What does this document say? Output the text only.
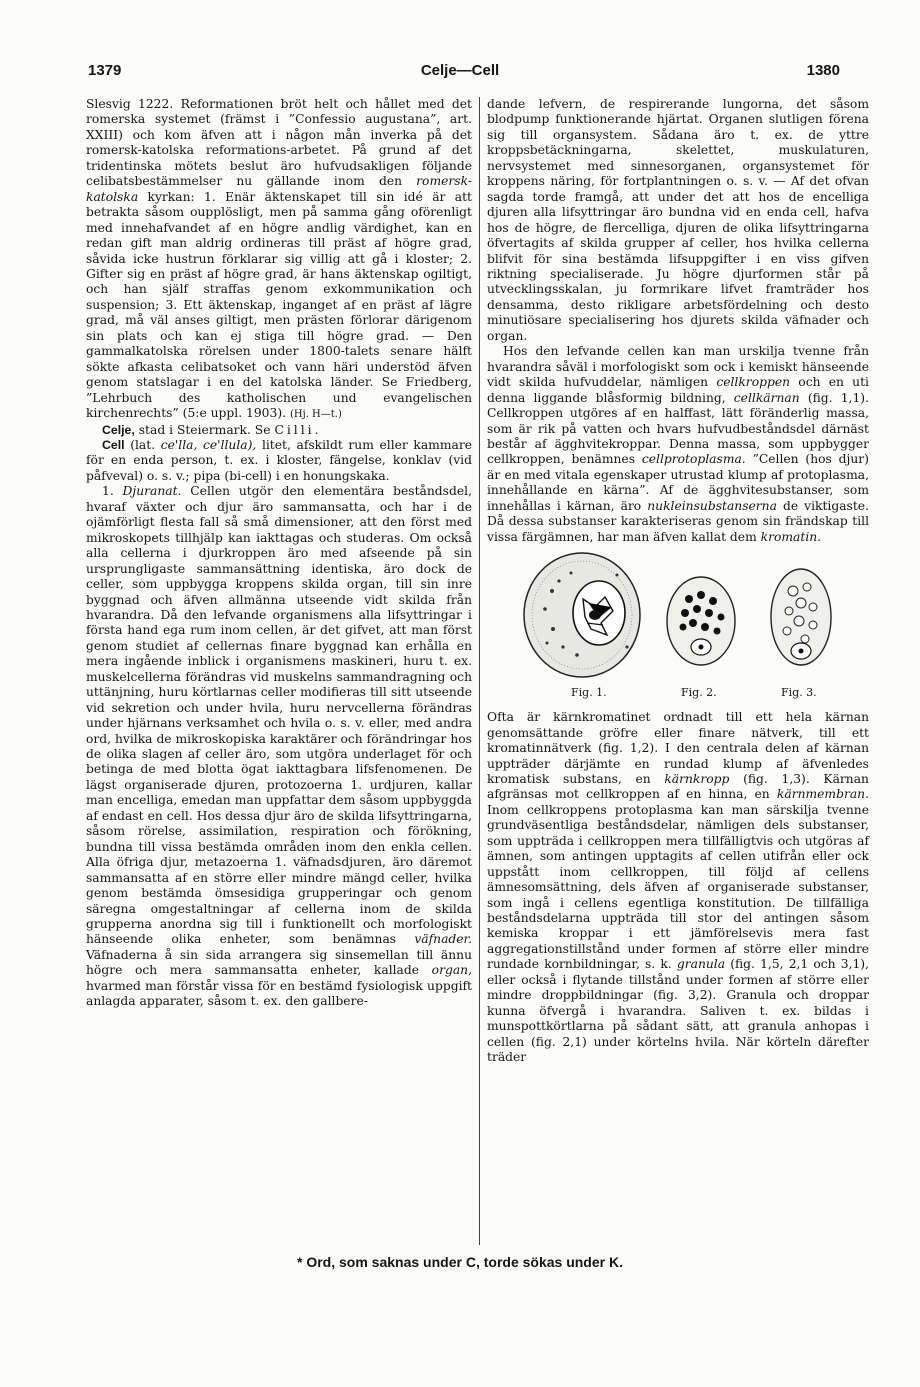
1379	Celje—Cell	1380

Slesvig 1222. Reformationen bröt helt och hållet med det romerska systemet (främst i ”Confessio augustana”, art. XXIII) och kom äfven att i någon mån inverka på det romersk-katolska reformations-arbetet. På grund af det tridentinska mötets beslut äro hufvudsakligen följande celibatsbestämmelser nu gällande inom den romersk-katolska kyrkan: 1. Enär äktenskapet till sin idé är att betrakta såsom oupplösligt, men på samma gång oförenligt med innehafvandet af en högre andlig värdighet, kan en redan gift man aldrig ordineras till präst af högre grad, såvida icke hustrun förklarar sig villig att gå i kloster; 2. Gifter sig en präst af högre grad, är hans äktenskap ogiltigt, och han själf straffas genom exkommunikation och suspension; 3. Ett äktenskap, inganget af en präst af lägre grad, må väl anses giltigt, men prästen förlorar därigenom sin plats och kan ej stiga till högre grad. — Den gammalkatolska rörelsen under 1800-talets senare hälft sökte afkasta celibatsoket och vann häri understöd äfven genom statslagar i en del katolska länder. Se Friedberg, ”Lehrbuch des katholischen und evangelischen kirchenrechts” (5:e uppl. 1903). (Hj. H—t.)

Celje, stad i Steiermark. Se Cilli.

Cell (lat. ce'lla, ce'llula), litet, afskildt rum eller kammare för en enda person, t. ex. i kloster, fängelse, konklav (vid påfveval) o. s. v.; pipa (bi-cell) i en honungskaka.

1. Djuranat. Cellen utgör den elementära beståndsdel, hvaraf växter och djur äro sammansatta, och har i de ojämförligt flesta fall så små dimensioner, att den först med mikroskopets tillhjälp kan iakttagas och studeras. Om också alla cellerna i djurkroppen äro med afseende på sin ursprungligaste sammansättning identiska, äro dock de celler, som uppbygga kroppens skilda organ, till sin inre byggnad och äfven allmänna utseende vidt skilda från hvarandra. Då den lefvande organismens alla lifsyttringar i första hand ega rum inom cellen, är det gifvet, att man först genom studiet af cellernas finare byggnad kan erhålla en mera ingående inblick i organismens maskineri, huru t. ex. muskelcellerna förändras vid muskelns sammandragning och uttänjning, huru körtlarnas celler modifieras till sitt utseende vid sekretion och under hvila, huru nervcellerna förändras under hjärnans verksamhet och hvila o. s. v. eller, med andra ord, hvilka de mikroskopiska karaktärer och förändringar hos de olika slagen af celler äro, som utgöra underlaget för och betinga de med blotta ögat iakttagbara lifsfenomenen. De lägst organiserade djuren, protozoerna 1. urdjuren, kallar man encelliga, emedan man uppfattar dem såsom uppbyggda af endast en cell. Hos dessa djur äro de skilda lifsyttringarna, såsom rörelse, assimilation, respiration och förökning, bundna till vissa bestämda områden inom den enkla cellen. Alla öfriga djur, metazoerna 1. väfnadsdjuren, äro däremot sammansatta af en större eller mindre mängd celler, hvilka genom bestämda ömsesidiga grupperingar och genom säregna omgestaltningar af cellerna inom de skilda grupperna anordna sig till i funktionellt och morfologiskt hänseende olika enheter, som benämnas väfnader. Väfnaderna å sin sida arrangera sig sinsemellan till ännu högre och mera sammansatta enheter, kallade organ, hvarmed man förstår vissa för en bestämd fysiologisk uppgift anlagda apparater, såsom t. ex. den gallbere-

dande lefvern, de respirerande lungorna, det såsom blodpump funktionerande hjärtat. Organen slutligen förena sig till organsystem. Sådana äro t. ex. de yttre kroppsbetäckningarna, skelettet, muskulaturen, nervsystemet med sinnesorganen, organsystemet för kroppens näring, för fortplantningen o. s. v. — Af det ofvan sagda torde framgå, att under det att hos de encelliga djuren alla lifsyttringar äro bundna vid en enda cell, hafva hos de högre, de flercelliga, djuren de olika lifsyttringarna öfvertagits af skilda grupper af celler, hos hvilka cellerna blifvit för sina bestämda lifsuppgifter i en viss gifven riktning specialiserade. Ju högre djurformen står på utvecklingsskalan, ju formrikare lifvet framträder hos densamma, desto rikligare arbetsfördelning och desto minutiösare specialisering hos djurets skilda väfnader och organ.

Hos den lefvande cellen kan man urskilja tvenne från hvarandra såväl i morfologiskt som ock i kemiskt hänseende vidt skilda hufvuddelar, nämligen cellkroppen och en uti denna liggande blåsformig bildning, cellkärnan (fig. 1,1). Cellkroppen utgöres af en halffast, lätt föränderlig massa, som är rik på vatten och hvars hufvudbeståndsdel därnäst består af ägghvitekroppar. Denna massa, som uppbygger cellkroppen, benämnes cellprotoplasma. ”Cellen (hos djur) är en med vitala egenskaper utrustad klump af protoplasma, innehållande en kärna”. Af de ägghvitesubstanser, som innehållas i kärnan, äro nukleinsubstanserna de viktigaste. Då dessa substanser karakteriseras genom sin frändskap till vissa färgämnen, har man äfven kallat dem kromatin.

Fig. 1.	Fig. 2.	Fig. 3.

Ofta är kärnkromatinet ordnadt till ett hela kärnan genomsättande gröfre eller finare nätverk, till ett kromatinnätverk (fig. 1,2). I den centrala delen af kärnan uppträder därjämte en rundad klump af äfvenledes kromatisk substans, en kärnkropp (fig. 1,3). Kärnan afgränsas mot cellkroppen af en hinna, en kärnmembran. Inom cellkroppens protoplasma kan man särskilja tvenne grundväsentliga beståndsdelar, nämligen dels substanser, som uppträda i cellkroppen mera tillfälligtvis och utgöras af ämnen, som antingen upptagits af cellen utifrån eller ock uppstått inom cellkroppen, till följd af cellens ämnesomsättning, dels äfven af organiserade substanser, som ingå i cellens egentliga konstitution. De tillfälliga beståndsdelarna uppträda till stor del antingen såsom kemiska kroppar i ett jämförelsevis mera fast aggregationstillstånd under formen af större eller mindre rundade kornbildningar, s. k. granula (fig. 1,5, 2,1 och 3,1), eller också i flytande tillstånd under formen af större eller mindre droppbildningar (fig. 3,2). Granula och droppar kunna öfvergå i hvarandra. Saliven t. ex. bildas i munspottkörtlarna på sådant sätt, att granula anhopas i cellen (fig. 2,1) under körtelns hvila. När körteln därefter träder

* Ord, som saknas under C, torde sökas under K.
